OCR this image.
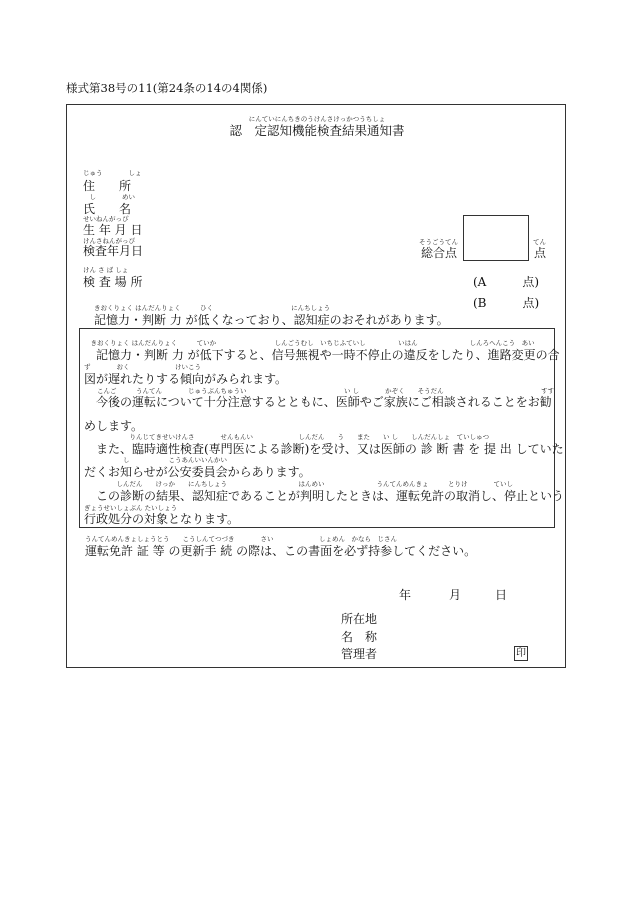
様式第38号の11(第24条の14の4関係)
にんていにんちきのうけんさけっかつうちしょ
認　定認知機能検査結果通知書
じゅう　　　　しょ
住　　所
　し　　　　めい
氏　　名
せいねんがっぴ
生 年 月 日
けんさねんがっぴ
検査年月日
けん さ ば しょ
検 査 場 所
そうごうてん
総合点
てん
点
(A　　　点)
(B　　　点)
きおくりょく はんだんりょく　　　ひく　　　　　　　　　　　　にんちしょう
記憶力・判断 力 が低くなっており、認知症のおそれがあります。
　きおくりょく はんだんりょく　　　ていか　　　　　　　　　しんごうむし　いちじふていし　　　　　いはん　　　　　　　　しんろへんこう　あい
　記憶力・判断 力 が低下すると、信号無視や一時不停止の違反をしたり、進路変更の合
ず　　　　おく　　　　　　　けいこう
図が遅れたりする傾向がみられます。
　　こんご　　　うんてん　　　　じゅうぶんちゅうい　　　　　　　　　　　　　　　い し　　　　かぞく　　そうだん　　　　　　　　　　　　　　　すす
　今後の運転について十分注意するとともに、医師やご家族にご相談されることをお勧
めします。
　　　　　　　りんじてきせいけんさ　　　　せんもんい　　　　　　　しんだん　　う　　また　　い し　　しんだんしょ　ていしゅつ
　また、臨時適性検査(専門医による診断)を受け、又は医師の 診 断 書 を 提 出 していた
　　　　　　し　　　　　　こうあんいいんかい
だくお知らせが公安委員会からあります。
　　　　　しんだん　　けっか　　にんちしょう　　　　　　　　　　　はんめい　　　　　　　　うんてんめんきょ　　　とりけ　　　　ていし
　この診断の結果、認知症であることが判明したときは、運転免許の取消し、停止という
ぎょうせいしょぶん たいしょう
行政処分の対象となります。
うんてんめんきょしょうとう　　こうしんてつづき　　　　さい　　　　　　　しょめん　かなら　じさん
運転免許 証 等 の更新手 続 の際は、この書面を必ず持参してください。
年	月	日
所在地
名　称
管理者	印
